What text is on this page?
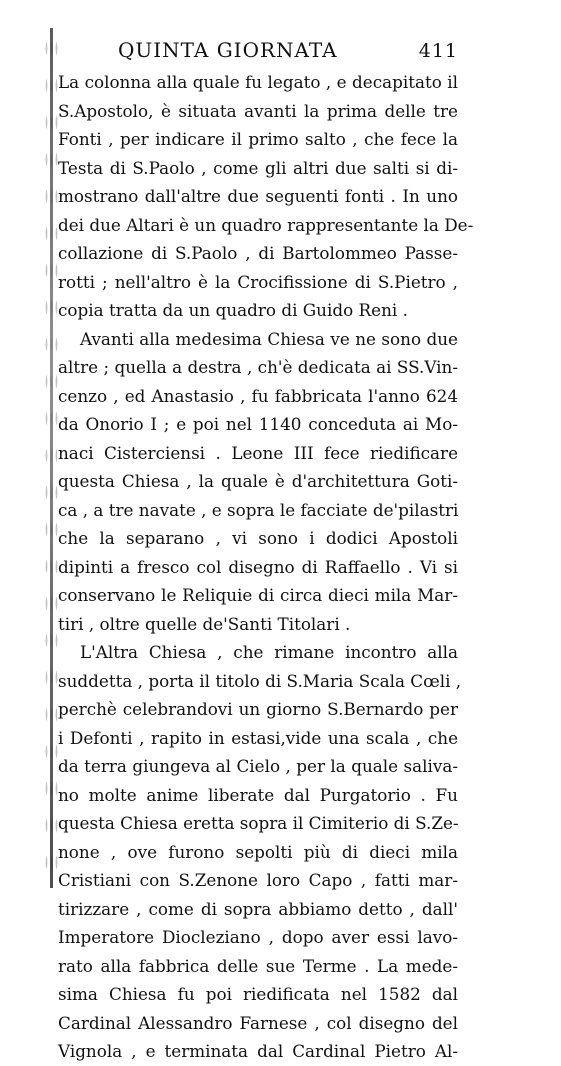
QUINTA GIORNATA	411
La colonna alla quale fu legato , e decapitato il
S.Apostolo, è situata avanti la prima delle tre
Fonti , per indicare il primo salto , che fece la
Testa di S.Paolo , come gli altri due salti si di-
mostrano dall'altre due seguenti fonti . In uno
dei due Altari è un quadro rappresentante la De-
collazione di S.Paolo , di Bartolommeo Passe-
rotti ; nell'altro è la Crocifissione di S.Pietro ,
copia tratta da un quadro di Guido Reni .
Avanti alla medesima Chiesa ve ne sono due
altre ; quella a destra , ch'è dedicata ai SS.Vin-
cenzo , ed Anastasio , fu fabbricata l'anno 624
da Onorio I ; e poi nel 1140 conceduta ai Mo-
naci Cisterciensi . Leone III fece riedificare
questa Chiesa , la quale è d'architettura Goti-
ca , a tre navate , e sopra le facciate de'pilastri
che la separano , vi sono i dodici Apostoli
dipinti a fresco col disegno di Raffaello . Vi si
conservano le Reliquie di circa dieci mila Mar-
tiri , oltre quelle de'Santi Titolari .
L'Altra Chiesa , che rimane incontro alla
suddetta , porta il titolo di S.Maria Scala Cœli ,
perchè celebrandovi un giorno S.Bernardo per
i Defonti , rapito in estasi,vide una scala , che
da terra giungeva al Cielo , per la quale saliva-
no molte anime liberate dal Purgatorio . Fu
questa Chiesa eretta sopra il Cimiterio di S.Ze-
none , ove furono sepolti più di dieci mila
Cristiani con S.Zenone loro Capo , fatti mar-
tirizzare , come di sopra abbiamo detto , dall'
Imperatore Diocleziano , dopo aver essi lavo-
rato alla fabbrica delle sue Terme . La mede-
sima Chiesa fu poi riedificata nel 1582 dal
Cardinal Alessandro Farnese , col disegno del
Vignola , e terminata dal Cardinal Pietro Al-
